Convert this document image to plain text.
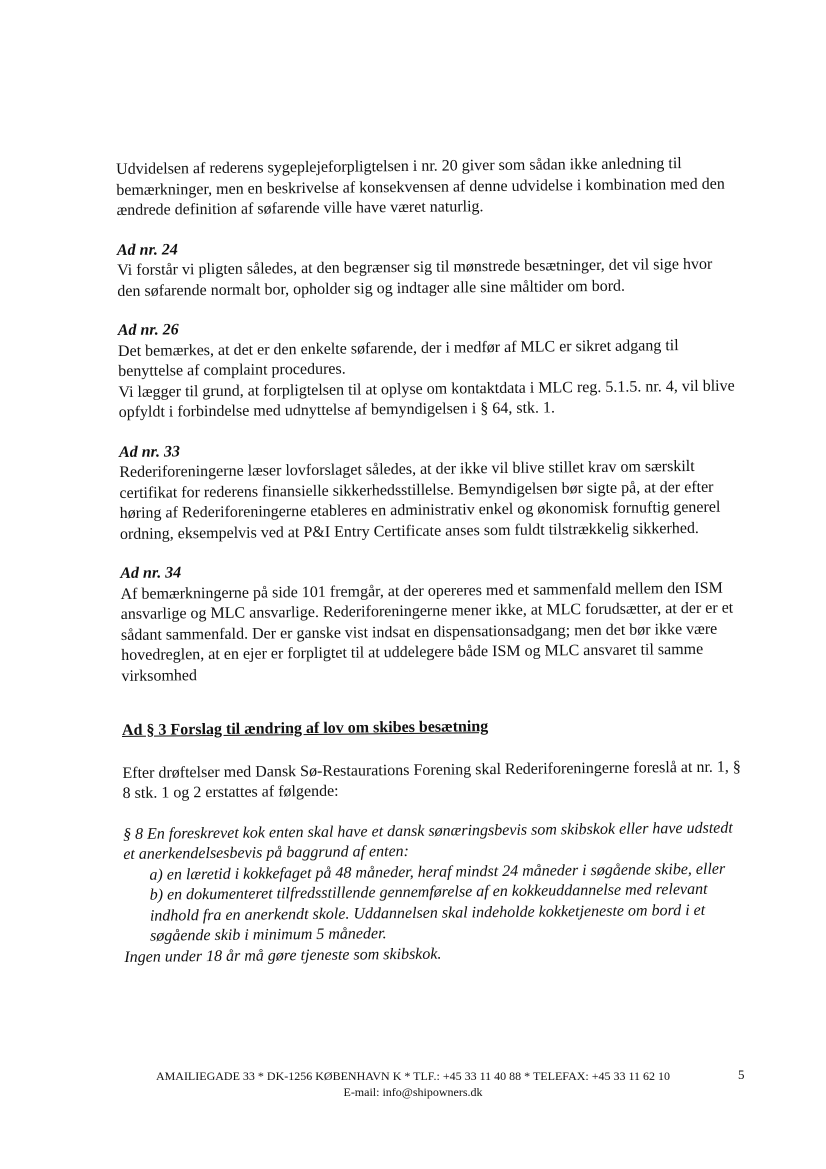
Udvidelsen af rederens sygeplejeforpligtelsen i nr. 20 giver som sådan ikke anledning til bemærkninger, men en beskrivelse af konsekvensen af denne udvidelse i kombination med den ændrede definition af søfarende ville have været naturlig.

Ad nr. 24

Vi forstår vi pligten således, at den begrænser sig til mønstrede besætninger, det vil sige hvor den søfarende normalt bor, opholder sig og indtager alle sine måltider om bord.

Ad nr. 26

Det bemærkes, at det er den enkelte søfarende, der i medfør af MLC er sikret adgang til benyttelse af complaint procedures.

Vi lægger til grund, at forpligtelsen til at oplyse om kontaktdata i MLC reg. 5.1.5. nr. 4, vil blive opfyldt i forbindelse med udnyttelse af bemyndigelsen i § 64, stk. 1.

Ad nr. 33

Rederiforeningerne læser lovforslaget således, at der ikke vil blive stillet krav om særskilt certifikat for rederens finansielle sikkerhedsstillelse. Bemyndigelsen bør sigte på, at der efter høring af Rederiforeningerne etableres en administrativ enkel og økonomisk fornuftig generel ordning, eksempelvis ved at P&I Entry Certificate anses som fuldt tilstrækkelig sikkerhed.

Ad nr. 34

Af bemærkningerne på side 101 fremgår, at der opereres med et sammenfald mellem den ISM ansvarlige og MLC ansvarlige. Rederiforeningerne mener ikke, at MLC forudsætter, at der er et sådant sammenfald. Der er ganske vist indsat en dispensationsadgang; men det bør ikke være hovedreglen, at en ejer er forpligtet til at uddelegere både ISM og MLC ansvaret til samme virksomhed

Ad § 3 Forslag til ændring af lov om skibes besætning

Efter drøftelser med Dansk Sø-Restaurations Forening skal Rederiforeningerne foreslå at nr. 1, § 8 stk. 1 og 2 erstattes af følgende:

§ 8 En foreskrevet kok enten skal have et dansk sønæringsbevis som skibskok eller have udstedt et anerkendelsesbevis på baggrund af enten:

a) en læretid i kokkefaget på 48 måneder, heraf mindst 24 måneder i søgående skibe, eller

b) en dokumenteret tilfredsstillende gennemførelse af en kokkeuddannelse med relevant indhold fra en anerkendt skole. Uddannelsen skal indeholde kokketjeneste om bord i et søgående skib i minimum 5 måneder.

Ingen under 18 år må gøre tjeneste som skibskok.

AMAILIEGADE 33 * DK-1256 KØBENHAVN K * TLF.: +45 33 11 40 88 * TELEFAX: +45 33 11 62 10
E-mail: info@shipowners.dk
5
